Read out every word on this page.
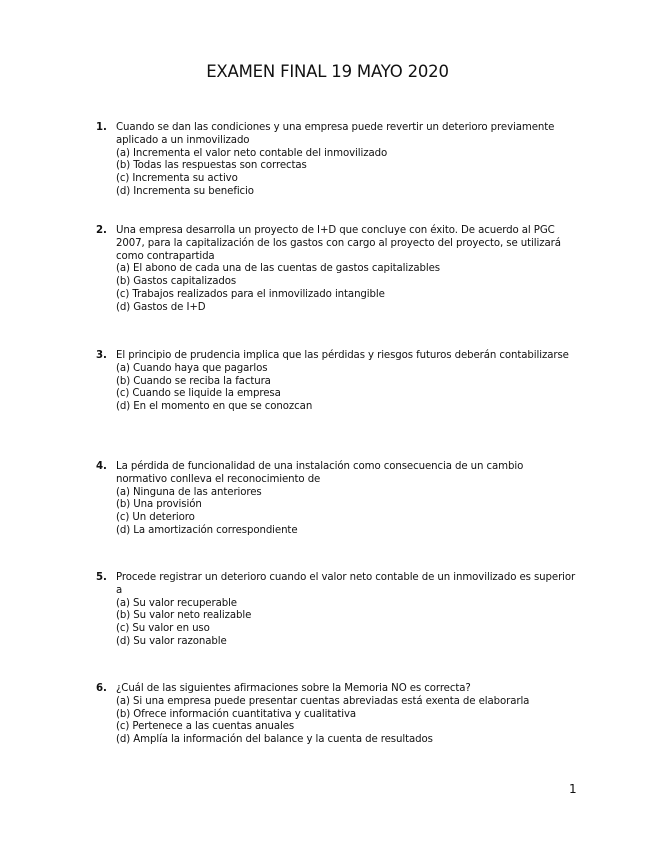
EXAMEN FINAL 19 MAYO 2020
1. Cuando se dan las condiciones y una empresa puede revertir un deterioro previamente aplicado a un inmovilizado
(a) Incrementa el valor neto contable del inmovilizado
(b) Todas las respuestas son correctas
(c) Incrementa su activo
(d) Incrementa su beneficio
2. Una empresa desarrolla un proyecto de I+D que concluye con éxito. De acuerdo al PGC 2007, para la capitalización de los gastos con cargo al proyecto del proyecto, se utilizará como contrapartida
(a) El abono de cada una de las cuentas de gastos capitalizables
(b) Gastos capitalizados
(c) Trabajos realizados para el inmovilizado intangible
(d) Gastos de I+D
3. El principio de prudencia implica que las pérdidas y riesgos futuros deberán contabilizarse
(a) Cuando haya que pagarlos
(b) Cuando se reciba la factura
(c) Cuando se liquide la empresa
(d) En el momento en que se conozcan
4. La pérdida de funcionalidad de una instalación como consecuencia de un cambio normativo conlleva el reconocimiento de
(a) Ninguna de las anteriores
(b) Una provisión
(c) Un deterioro
(d) La amortización correspondiente
5. Procede registrar un deterioro cuando el valor neto contable de un inmovilizado es superior a
(a) Su valor recuperable
(b) Su valor neto realizable
(c) Su valor en uso
(d) Su valor razonable
6. ¿Cuál de las siguientes afirmaciones sobre la Memoria NO es correcta?
(a) Si una empresa puede presentar cuentas abreviadas está exenta de elaborarla
(b) Ofrece información cuantitativa y cualitativa
(c) Pertenece a las cuentas anuales
(d) Amplía la información del balance y la cuenta de resultados
1
